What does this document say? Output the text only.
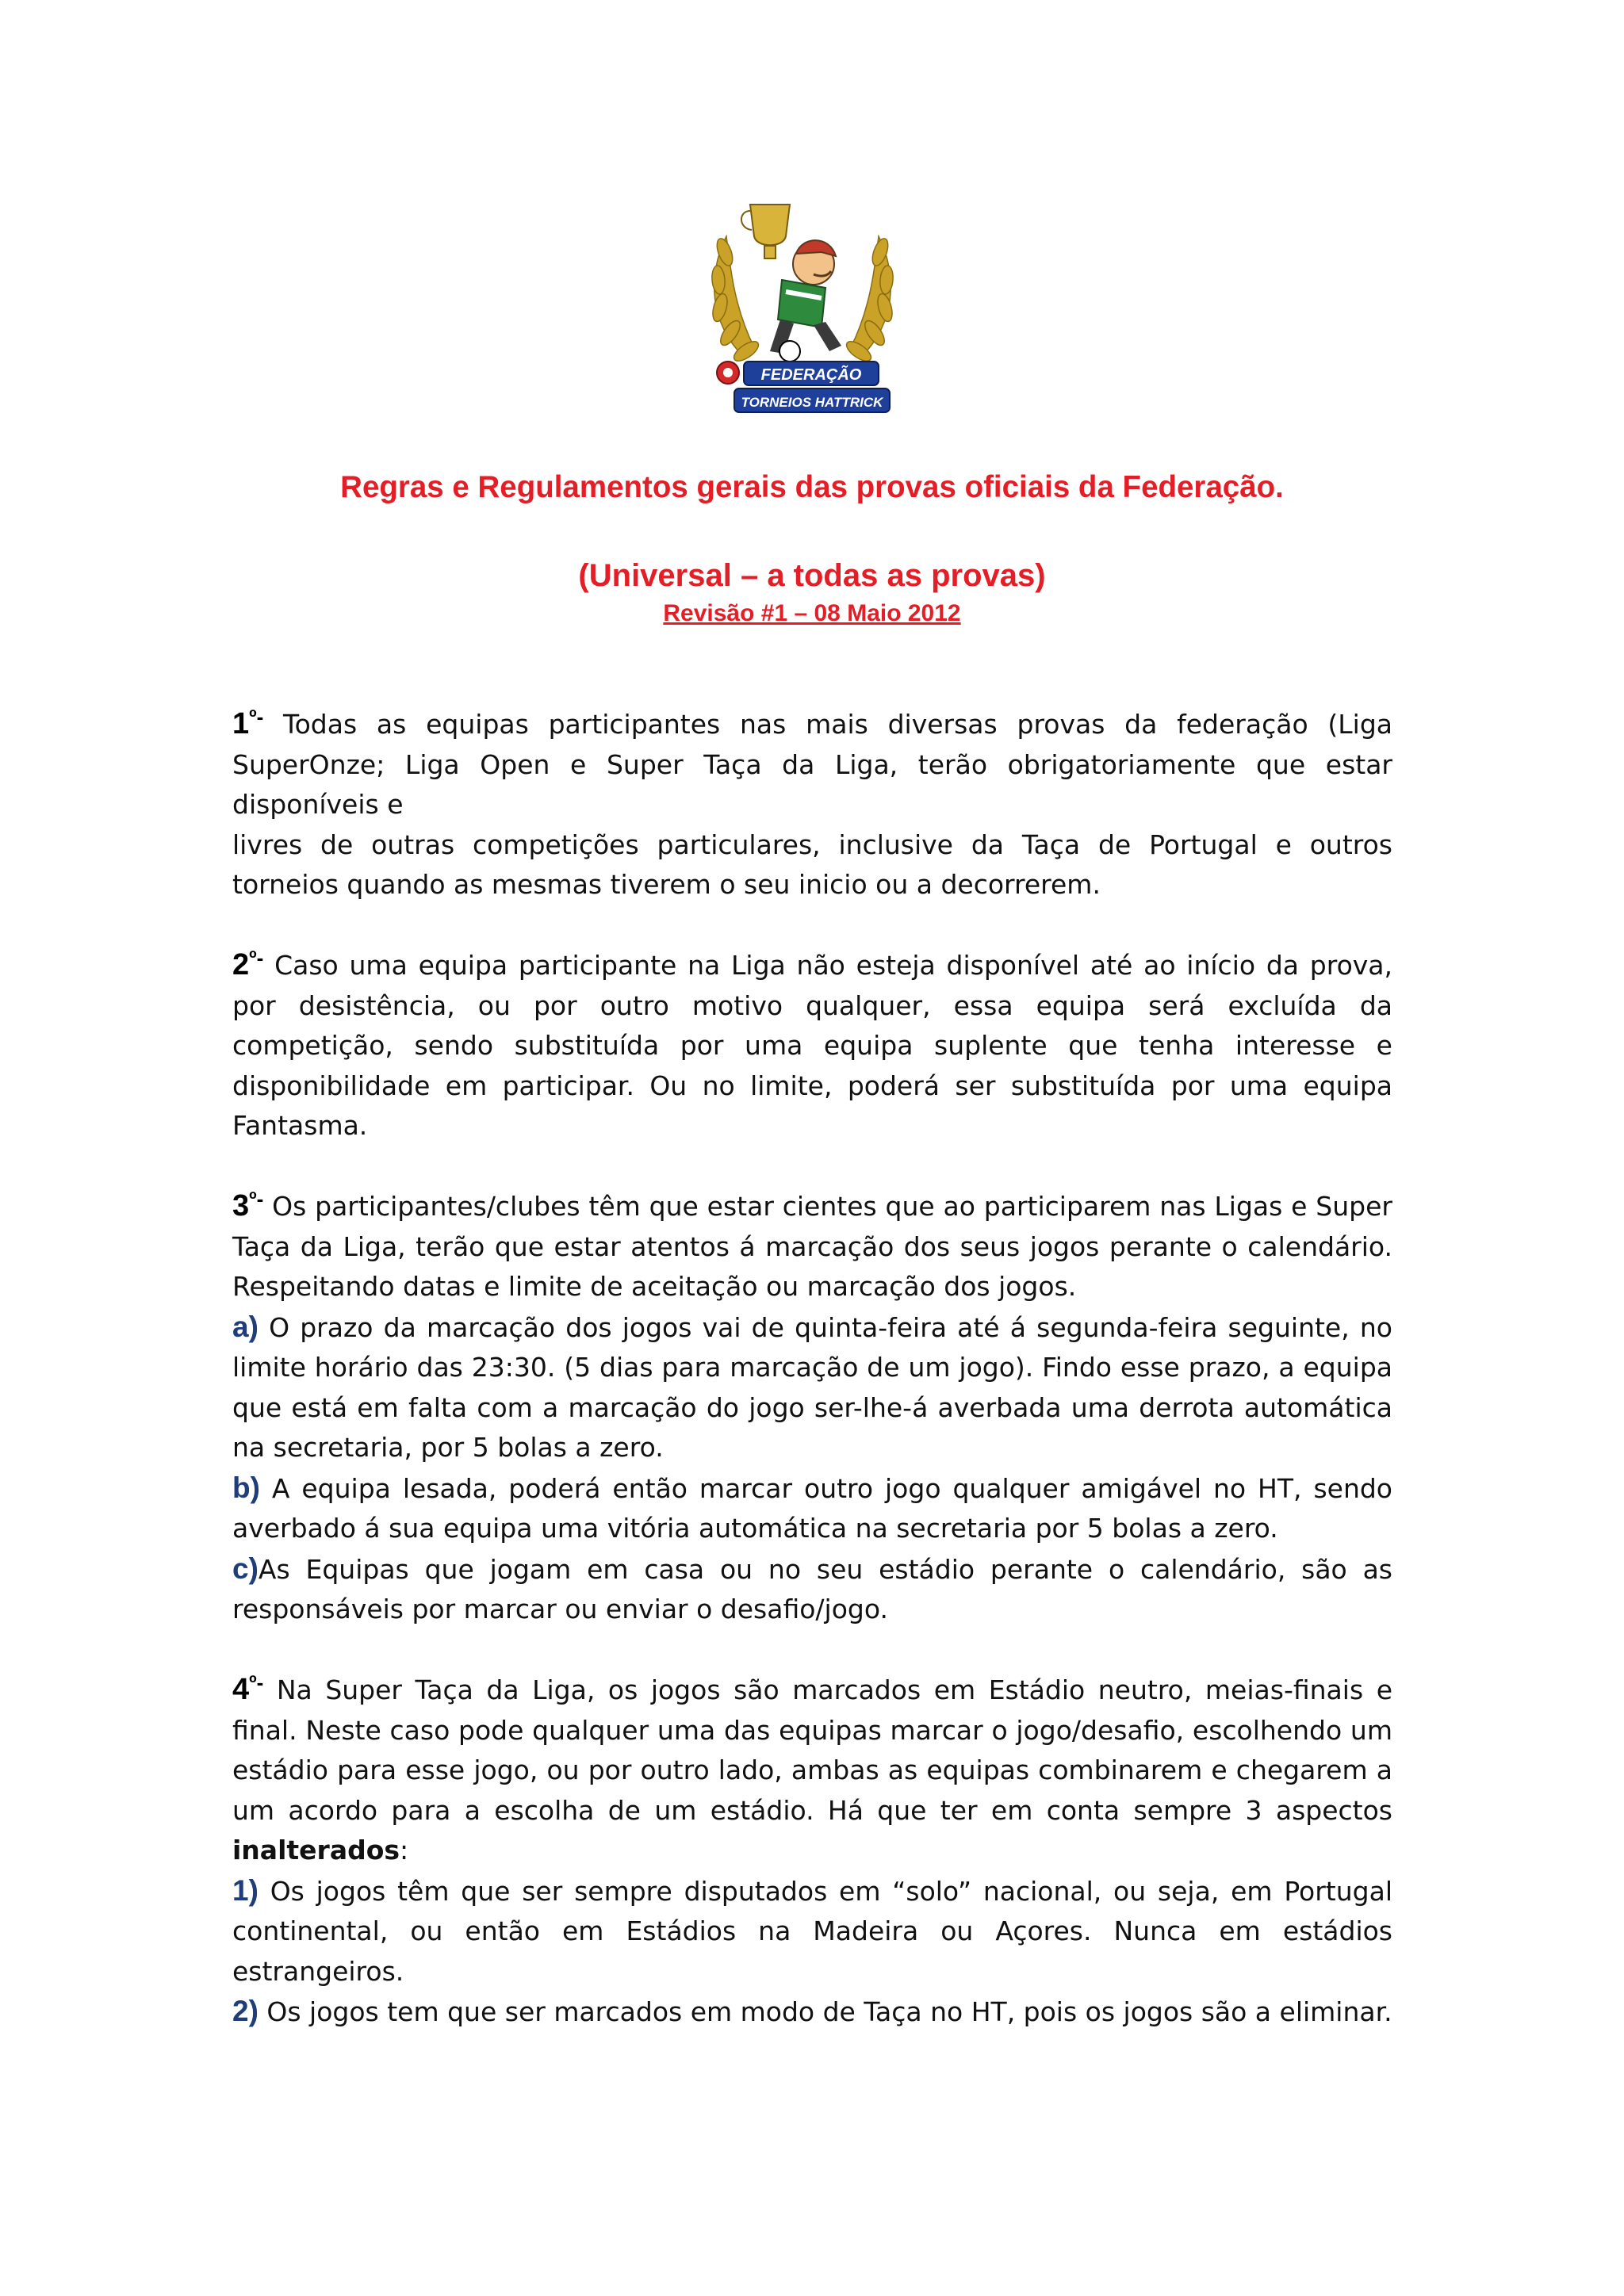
FEDERAÇÃO
TORNEIOS HATTRICK
Regras e Regulamentos gerais das provas oficiais da Federação.
(Universal – a todas as provas)
Revisão #1 – 08 Maio 2012

$1^{º-}$ Todas as equipas participantes nas mais diversas provas da federação (Liga SuperOnze; Liga Open e Super Taça da Liga, terão obrigatoriamente que estar disponíveis e

livres de outras competições particulares, inclusive da Taça de Portugal e outros torneios quando as mesmas tiverem o seu inicio ou a decorrerem.

$2^{º-}$ Caso uma equipa participante na Liga não esteja disponível até ao início da prova, por desistência, ou por outro motivo qualquer, essa equipa será excluída da competição, sendo substituída por uma equipa suplente que tenha interesse e disponibilidade em participar. Ou no limite, poderá ser substituída por uma equipa Fantasma.

$3^{º-}$ Os participantes/clubes têm que estar cientes que ao participarem nas Ligas e Super Taça da Liga, terão que estar atentos á marcação dos seus jogos perante o calendário. Respeitando datas e limite de aceitação ou marcação dos jogos.

a) O prazo da marcação dos jogos vai de quinta-feira até á segunda-feira seguinte, no limite horário das 23:30. (5 dias para marcação de um jogo). Findo esse prazo, a equipa que está em falta com a marcação do jogo ser-lhe-á averbada uma derrota automática na secretaria, por 5 bolas a zero.

b) A equipa lesada, poderá então marcar outro jogo qualquer amigável no HT, sendo averbado á sua equipa uma vitória automática na secretaria por 5 bolas a zero.

c)As Equipas que jogam em casa ou no seu estádio perante o calendário, são as responsáveis por marcar ou enviar o desafio/jogo.

$4^{º-}$ Na Super Taça da Liga, os jogos são marcados em Estádio neutro, meias-finais e final. Neste caso pode qualquer uma das equipas marcar o jogo/desafio, escolhendo um estádio para esse jogo, ou por outro lado, ambas as equipas combinarem e chegarem a um acordo para a escolha de um estádio. Há que ter em conta sempre 3 aspectos inalterados:

1) Os jogos têm que ser sempre disputados em “solo” nacional, ou seja, em Portugal continental, ou então em Estádios na Madeira ou Açores. Nunca em estádios estrangeiros.

2) Os jogos tem que ser marcados em modo de Taça no HT, pois os jogos são a eliminar.
